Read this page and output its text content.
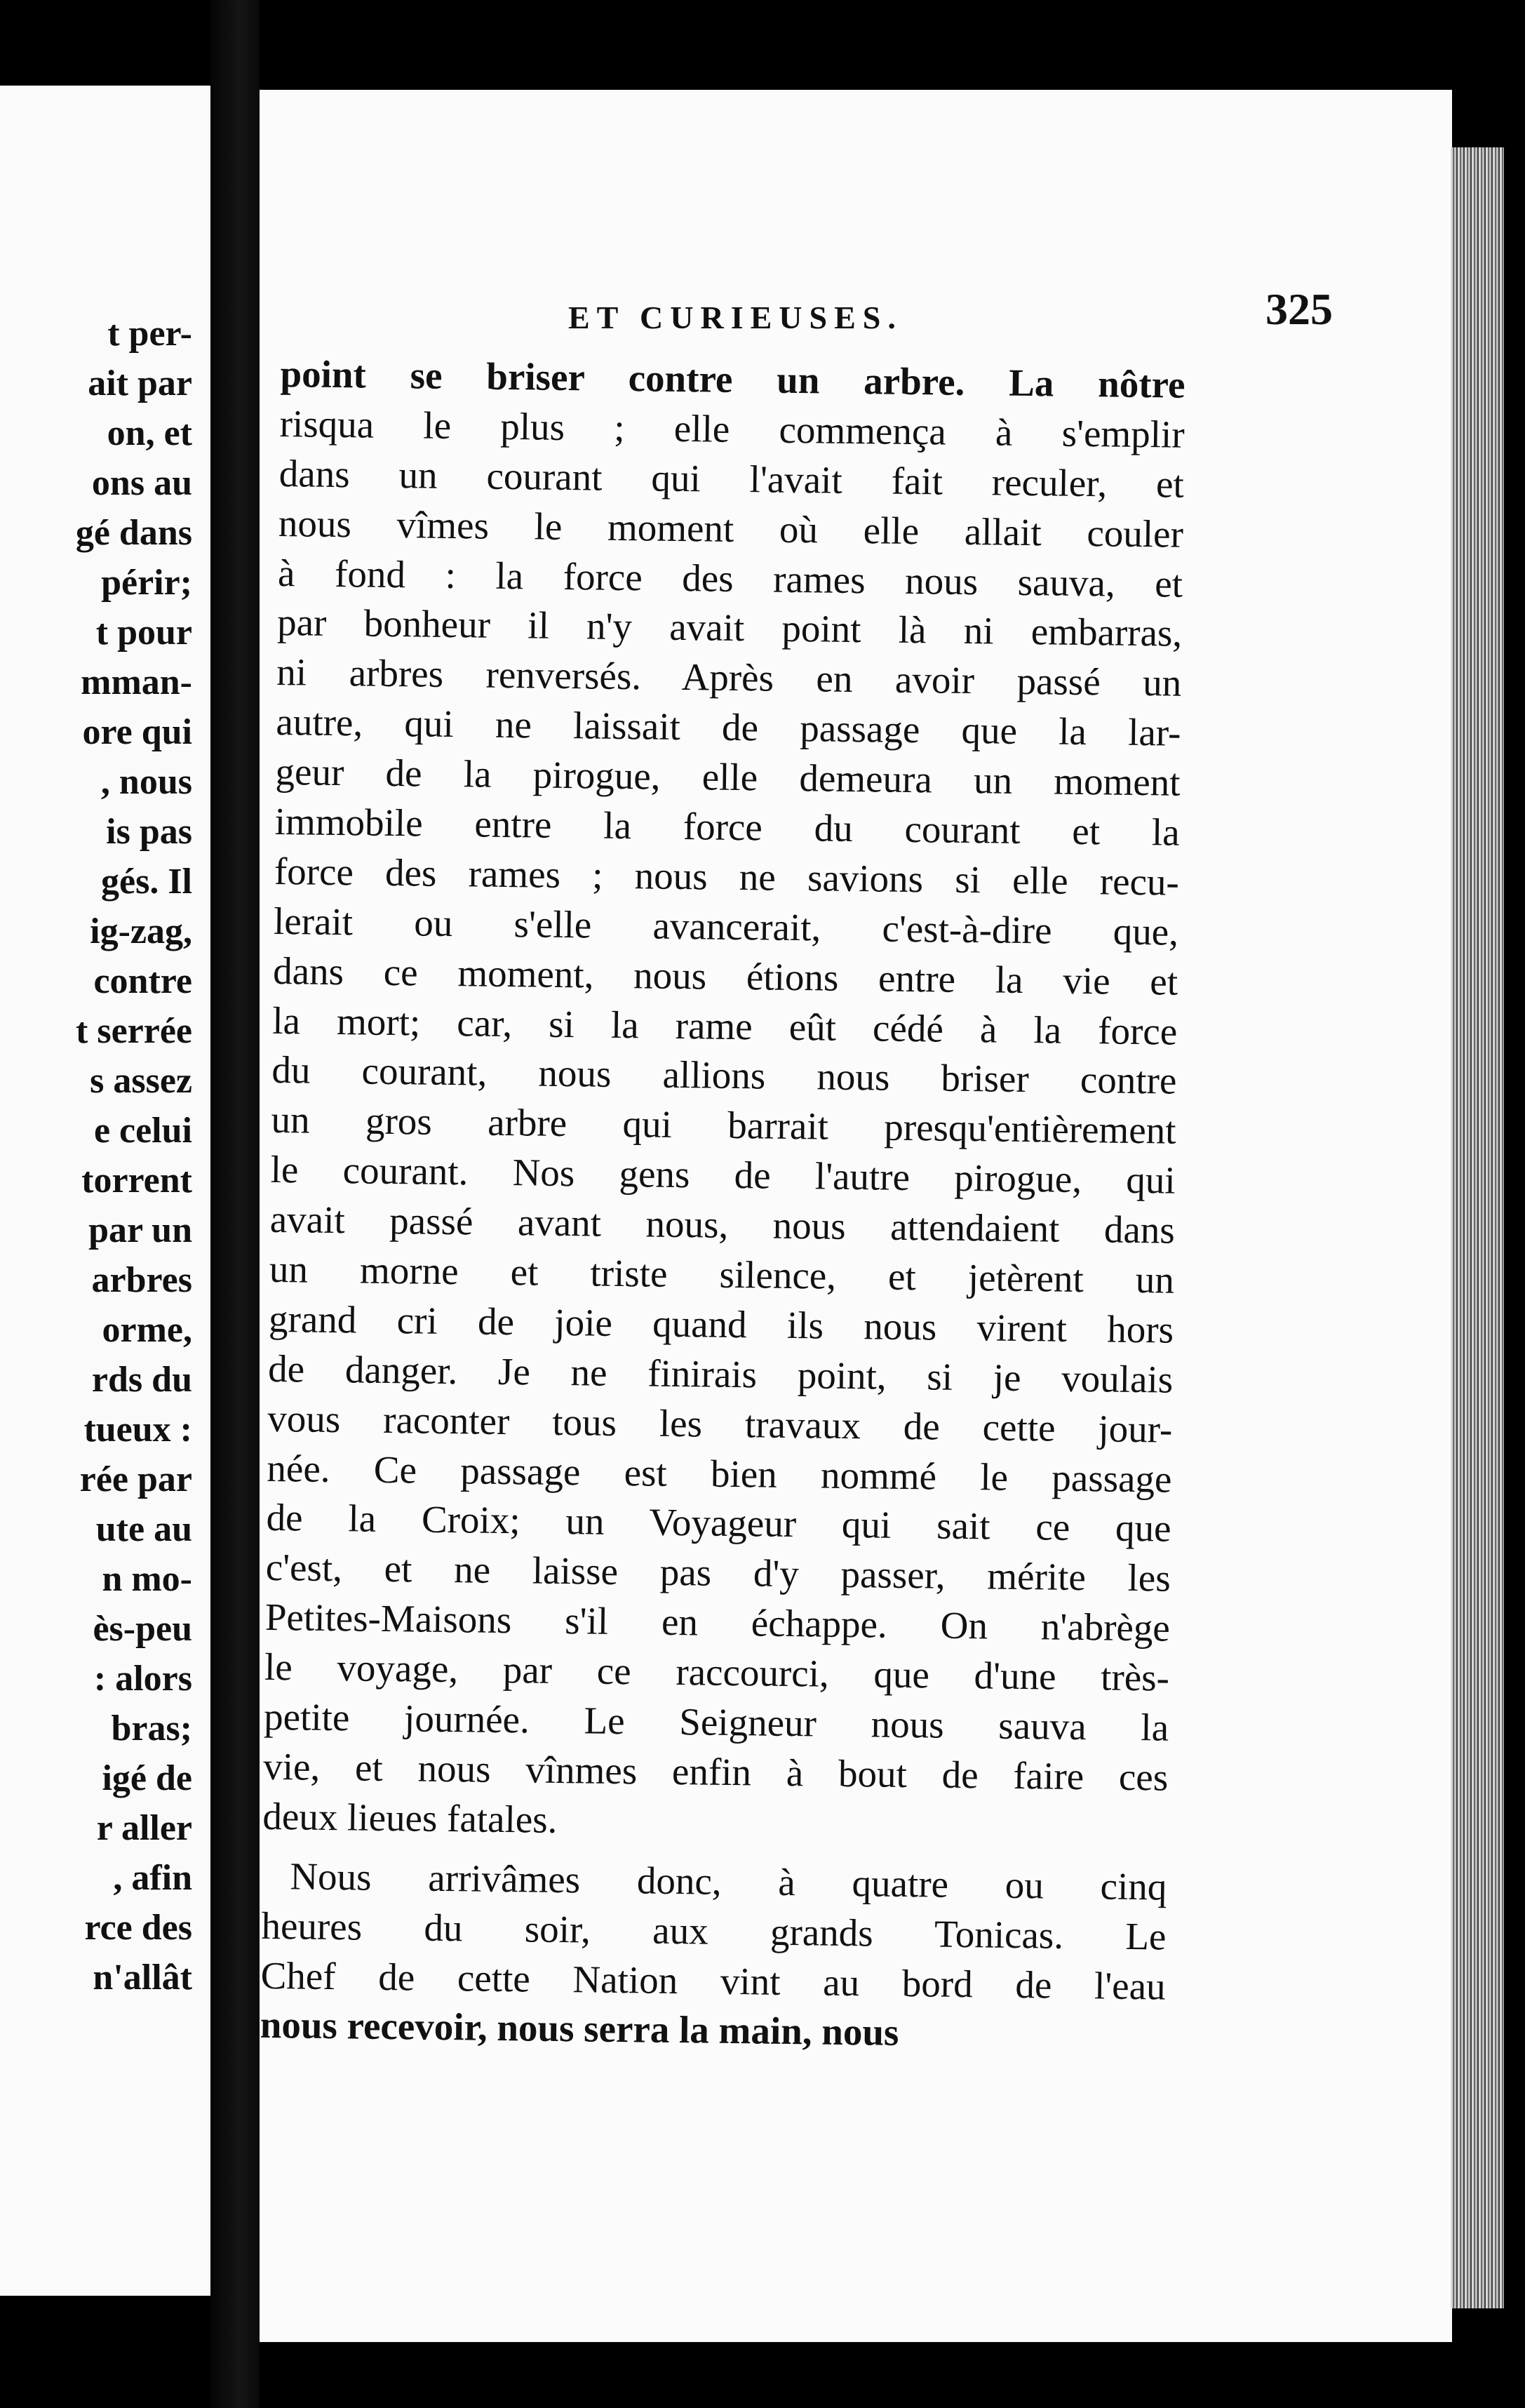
t per-
ait par
on, et
ons au
gé dans
périr;
t pour
mman-
ore qui
, nous
is pas
gés. Il
ig-zag,
contre
t serrée
s assez
e celui
torrent
par un
arbres
orme,
rds du
tueux :
rée par
ute au
n mo-
ès-peu
: alors
bras;
igé de
r aller
, afin
rce des
n'allât
ET CURIEUSES.	325
point se briser contre un arbre. La nôtre
risqua le plus ; elle commença à s'emplir
dans un courant qui l'avait fait reculer, et
nous vîmes le moment où elle allait couler
à fond : la force des rames nous sauva, et
par bonheur il n'y avait point là ni embarras,
ni arbres renversés. Après en avoir passé un
autre, qui ne laissait de passage que la lar-
geur de la pirogue, elle demeura un moment
immobile entre la force du courant et la
force des rames ; nous ne savions si elle recu-
lerait ou s'elle avancerait, c'est-à-dire que,
dans ce moment, nous étions entre la vie et
la mort; car, si la rame eût cédé à la force
du courant, nous allions nous briser contre
un gros arbre qui barrait presqu'entièrement
le courant. Nos gens de l'autre pirogue, qui
avait passé avant nous, nous attendaient dans
un morne et triste silence, et jetèrent un
grand cri de joie quand ils nous virent hors
de danger. Je ne finirais point, si je voulais
vous raconter tous les travaux de cette jour-
née. Ce passage est bien nommé le passage
de la Croix; un Voyageur qui sait ce que
c'est, et ne laisse pas d'y passer, mérite les
Petites-Maisons s'il en échappe. On n'abrège
le voyage, par ce raccourci, que d'une très-
petite journée. Le Seigneur nous sauva la
vie, et nous vînmes enfin à bout de faire ces
deux lieues fatales.
Nous arrivâmes donc, à quatre ou cinq
heures du soir, aux grands Tonicas. Le
Chef de cette Nation vint au bord de l'eau
nous recevoir, nous serra la main, nous
